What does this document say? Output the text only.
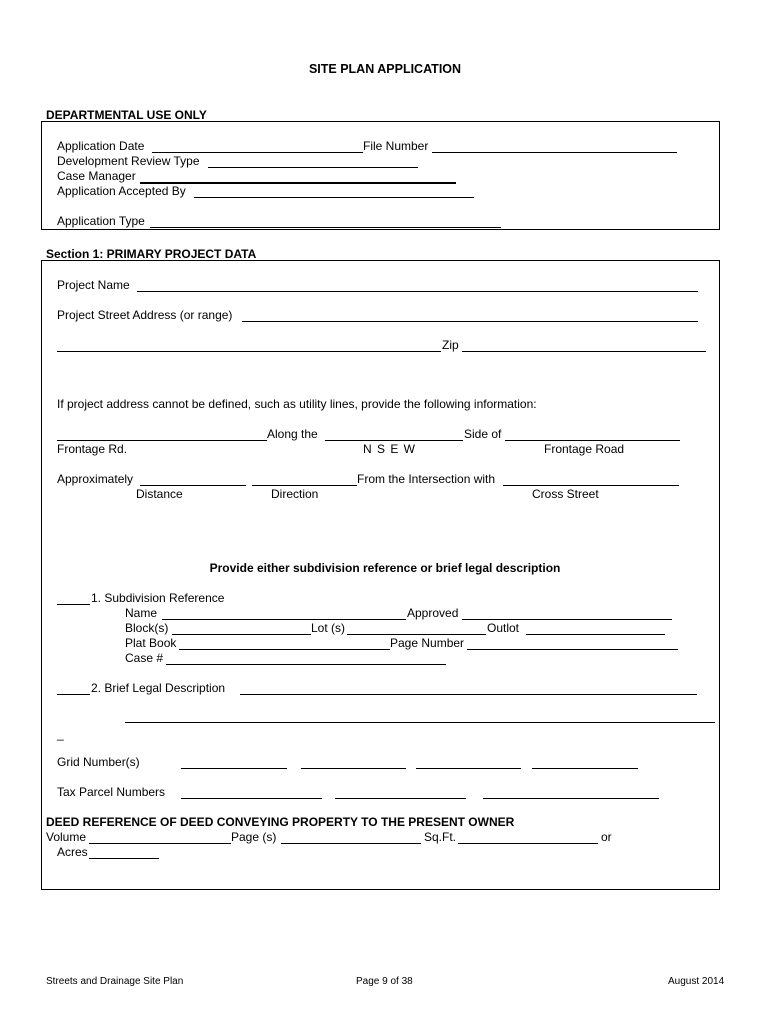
SITE PLAN APPLICATION
DEPARTMENTAL USE ONLY
Application Date	File Number
Development Review Type
Case Manager
Application Accepted By
Application Type
Section 1: PRIMARY PROJECT DATA
Project Name
Project Street Address (or range)
Zip
If project address cannot be defined, such as utility lines, provide the following information:
Along the	Side of
Frontage Rd.	N S E W	Frontage Road
Approximately	From the Intersection with
Distance	Direction	Cross Street
Provide either subdivision reference or brief legal description
1. Subdivision Reference
Name	Approved
Block(s)	Lot (s)	Outlot
Plat Book	Page Number
Case #
2. Brief Legal Description
_
Grid Number(s)
Tax Parcel Numbers
DEED REFERENCE OF DEED CONVEYING PROPERTY TO THE PRESENT OWNER
Volume	Page (s)	Sq.Ft.	or
Acres
Streets and Drainage Site Plan	Page 9 of 38	August 2014
